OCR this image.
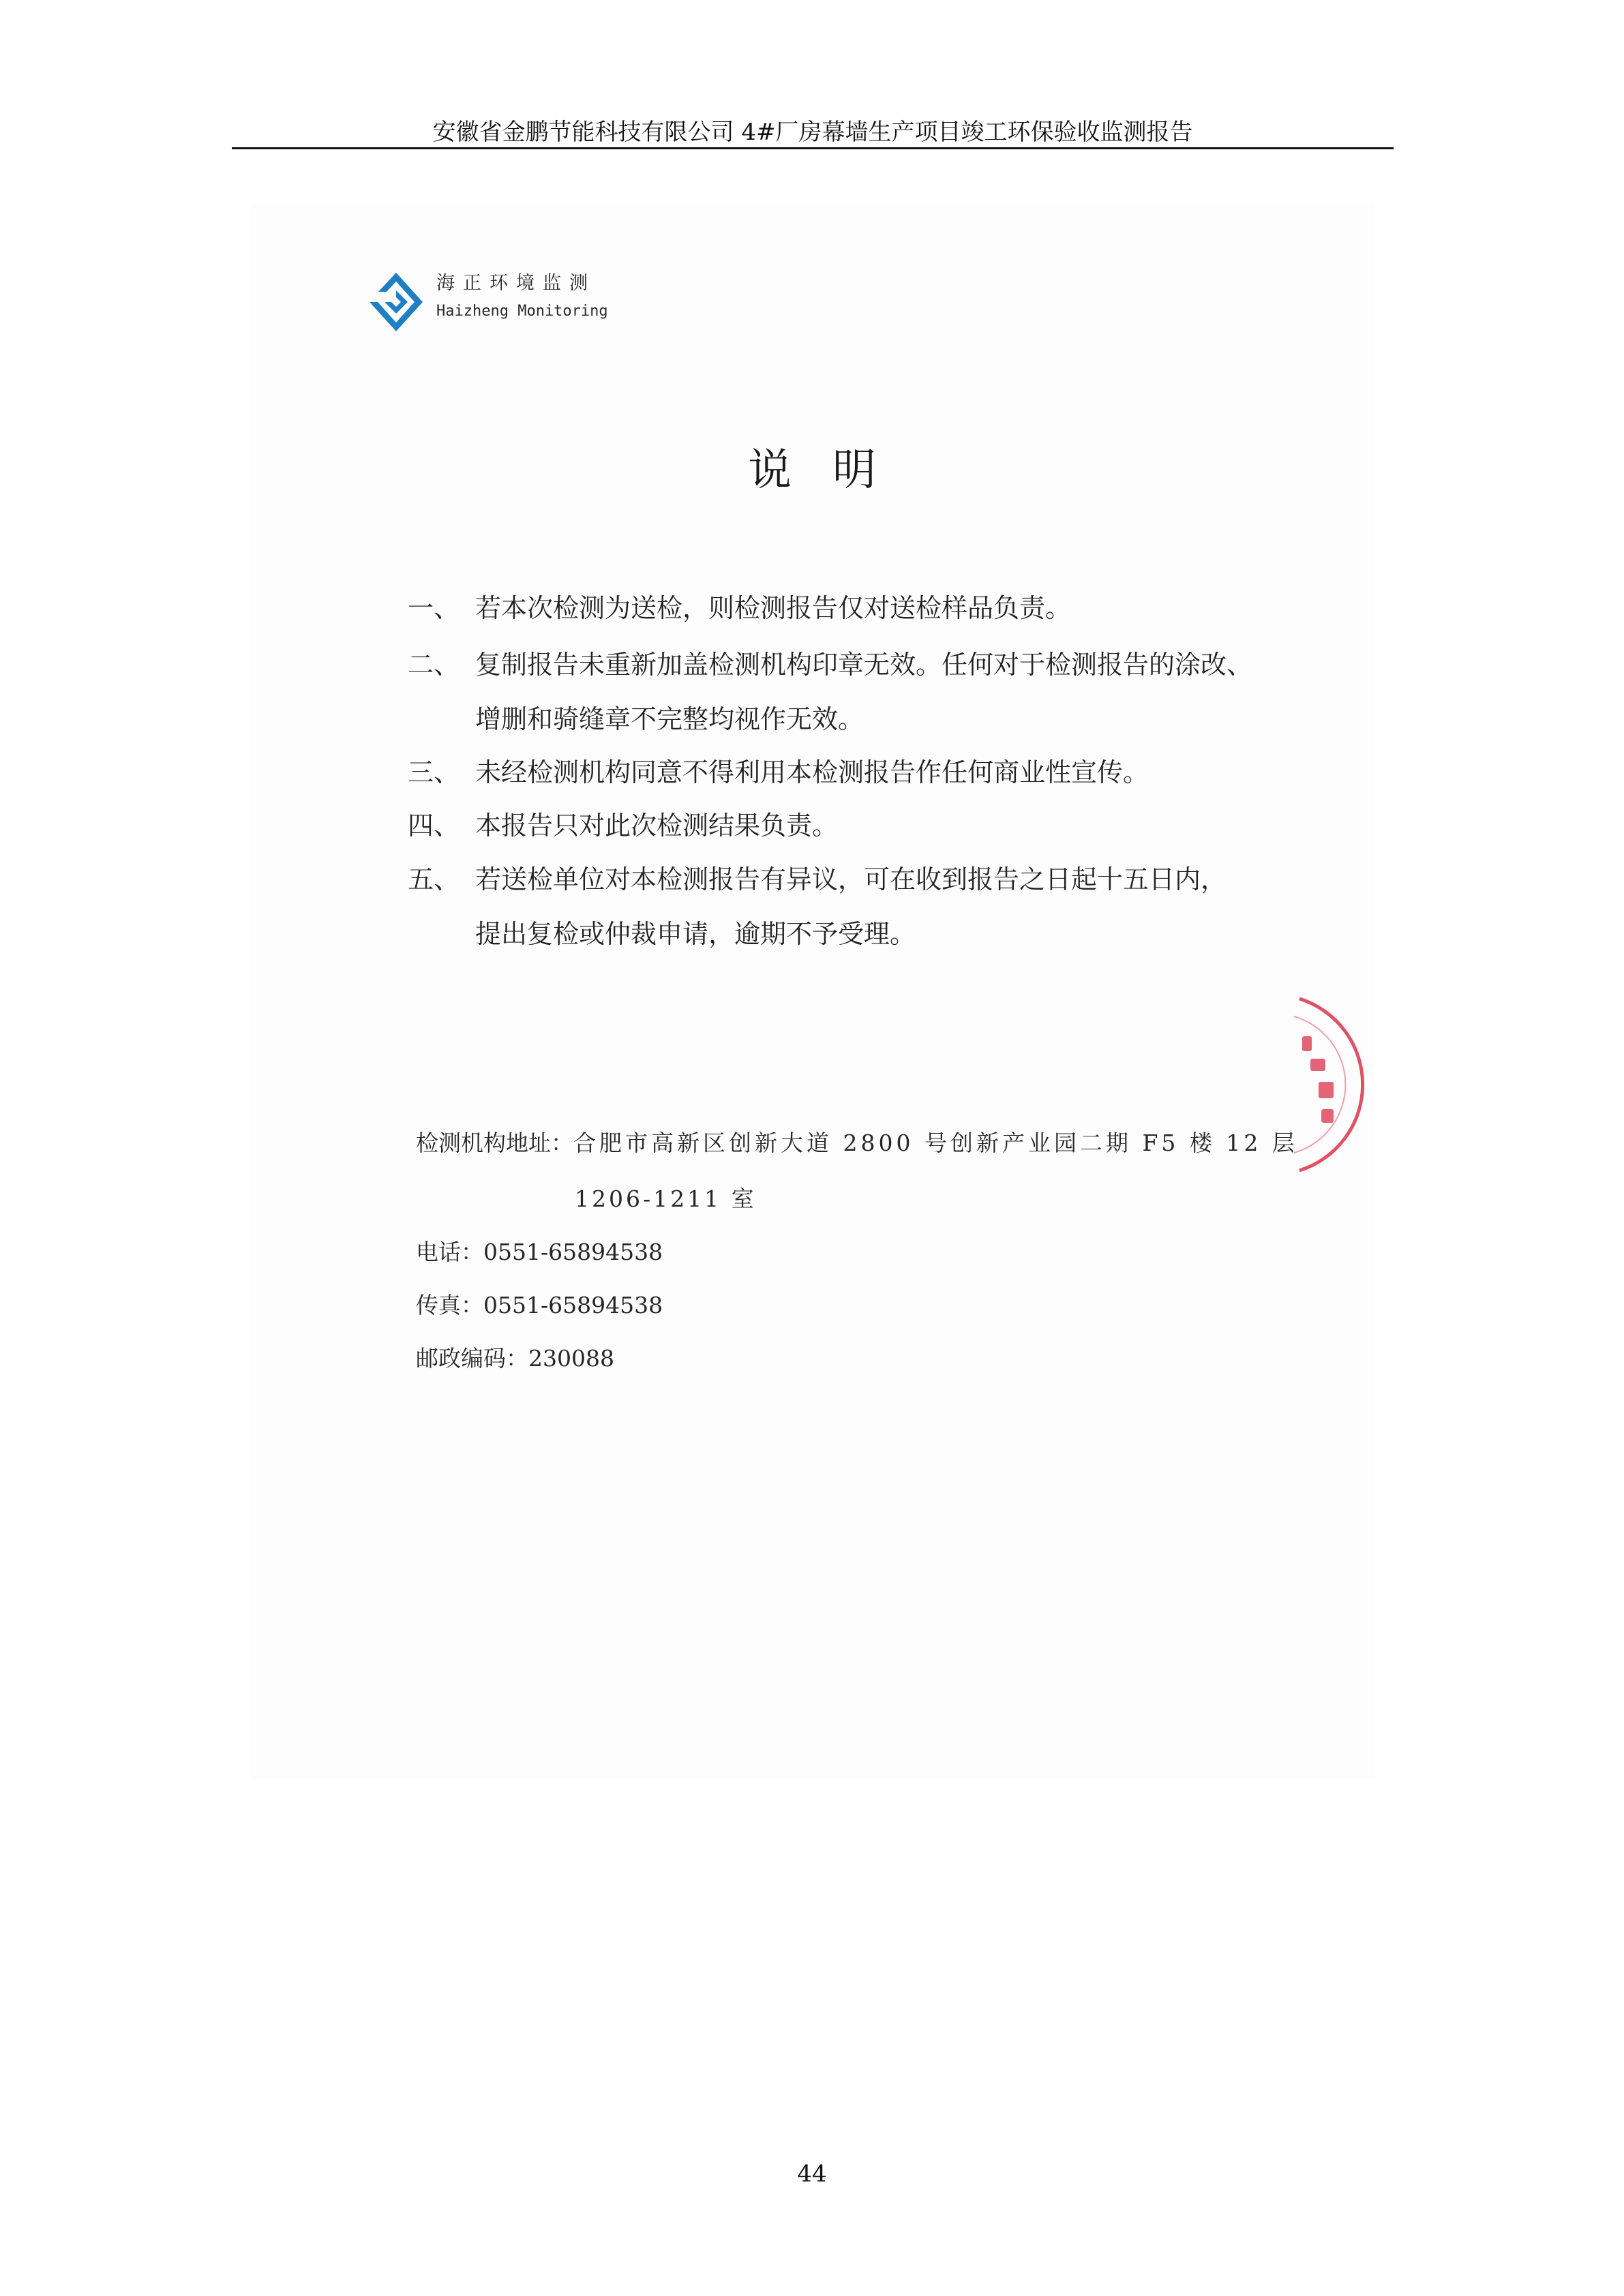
安徽省金鹏节能科技有限公司 4#厂房幕墙生产项目竣工环保验收监测报告
海正环境监测
Haizheng Monitoring
说明
一、 若本次检测为送检，则检测报告仅对送检样品负责。
二、 复制报告未重新加盖检测机构印章无效。任何对于检测报告的涂改、
增删和骑缝章不完整均视作无效。
三、 未经检测机构同意不得利用本检测报告作任何商业性宣传。
四、 本报告只对此次检测结果负责。
五、 若送检单位对本检测报告有异议，可在收到报告之日起十五日内，
提出复检或仲裁申请，逾期不予受理。
检测机构地址：合肥市高新区创新大道 2800 号创新产业园二期 F5 楼 12 层
1206-1211 室
电话：0551-65894538
传真：0551-65894538
邮政编码：230088
44
